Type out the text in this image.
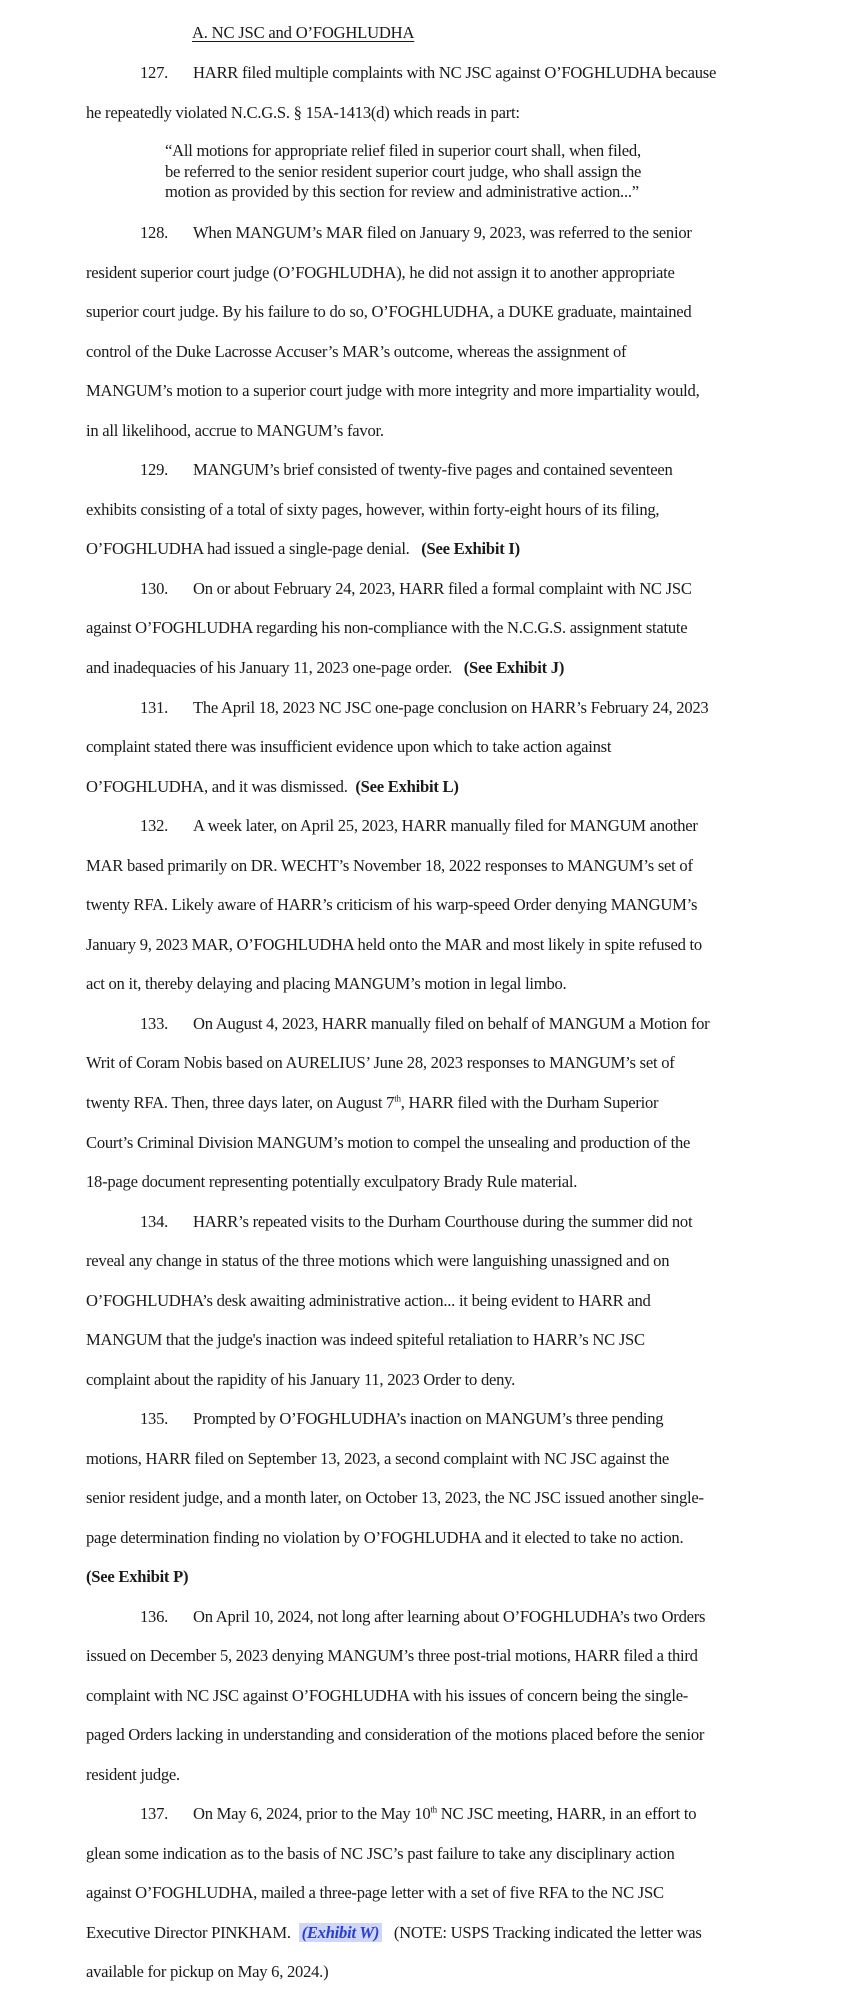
A. NC JSC and O’FOGHLUDHA
127. HARR filed multiple complaints with NC JSC against O’FOGHLUDHA because
he repeatedly violated N.C.G.S. § 15A-1413(d) which reads in part:
“All motions for appropriate relief filed in superior court shall, when filed,
be referred to the senior resident superior court judge, who shall assign the
motion as provided by this section for review and administrative action...”
128. When MANGUM’s MAR filed on January 9, 2023, was referred to the senior
resident superior court judge (O’FOGHLUDHA), he did not assign it to another appropriate
superior court judge. By his failure to do so, O’FOGHLUDHA, a DUKE graduate, maintained
control of the Duke Lacrosse Accuser’s MAR’s outcome, whereas the assignment of
MANGUM’s motion to a superior court judge with more integrity and more impartiality would,
in all likelihood, accrue to MANGUM’s favor.
129. MANGUM’s brief consisted of twenty-five pages and contained seventeen
exhibits consisting of a total of sixty pages, however, within forty-eight hours of its filing,
O’FOGHLUDHA had issued a single-page denial. (See Exhibit I)
130. On or about February 24, 2023, HARR filed a formal complaint with NC JSC
against O’FOGHLUDHA regarding his non-compliance with the N.C.G.S. assignment statute
and inadequacies of his January 11, 2023 one-page order. (See Exhibit J)
131. The April 18, 2023 NC JSC one-page conclusion on HARR’s February 24, 2023
complaint stated there was insufficient evidence upon which to take action against
O’FOGHLUDHA, and it was dismissed. (See Exhibit L)
132. A week later, on April 25, 2023, HARR manually filed for MANGUM another
MAR based primarily on DR. WECHT’s November 18, 2022 responses to MANGUM’s set of
twenty RFA. Likely aware of HARR’s criticism of his warp-speed Order denying MANGUM’s
January 9, 2023 MAR, O’FOGHLUDHA held onto the MAR and most likely in spite refused to
act on it, thereby delaying and placing MANGUM’s motion in legal limbo.
133. On August 4, 2023, HARR manually filed on behalf of MANGUM a Motion for
Writ of Coram Nobis based on AURELIUS’ June 28, 2023 responses to MANGUM’s set of
twenty RFA. Then, three days later, on August 7th, HARR filed with the Durham Superior
Court’s Criminal Division MANGUM’s motion to compel the unsealing and production of the
18-page document representing potentially exculpatory Brady Rule material.
134. HARR’s repeated visits to the Durham Courthouse during the summer did not
reveal any change in status of the three motions which were languishing unassigned and on
O’FOGHLUDHA’s desk awaiting administrative action... it being evident to HARR and
MANGUM that the judge's inaction was indeed spiteful retaliation to HARR’s NC JSC
complaint about the rapidity of his January 11, 2023 Order to deny.
135. Prompted by O’FOGHLUDHA’s inaction on MANGUM’s three pending
motions, HARR filed on September 13, 2023, a second complaint with NC JSC against the
senior resident judge, and a month later, on October 13, 2023, the NC JSC issued another single-
page determination finding no violation by O’FOGHLUDHA and it elected to take no action.
(See Exhibit P)
136. On April 10, 2024, not long after learning about O’FOGHLUDHA’s two Orders
issued on December 5, 2023 denying MANGUM’s three post-trial motions, HARR filed a third
complaint with NC JSC against O’FOGHLUDHA with his issues of concern being the single-
paged Orders lacking in understanding and consideration of the motions placed before the senior
resident judge.
137. On May 6, 2024, prior to the May 10th NC JSC meeting, HARR, in an effort to
glean some indication as to the basis of NC JSC’s past failure to take any disciplinary action
against O’FOGHLUDHA, mailed a three-page letter with a set of five RFA to the NC JSC
Executive Director PINKHAM. (Exhibit W) (NOTE: USPS Tracking indicated the letter was
available for pickup on May 6, 2024.)
